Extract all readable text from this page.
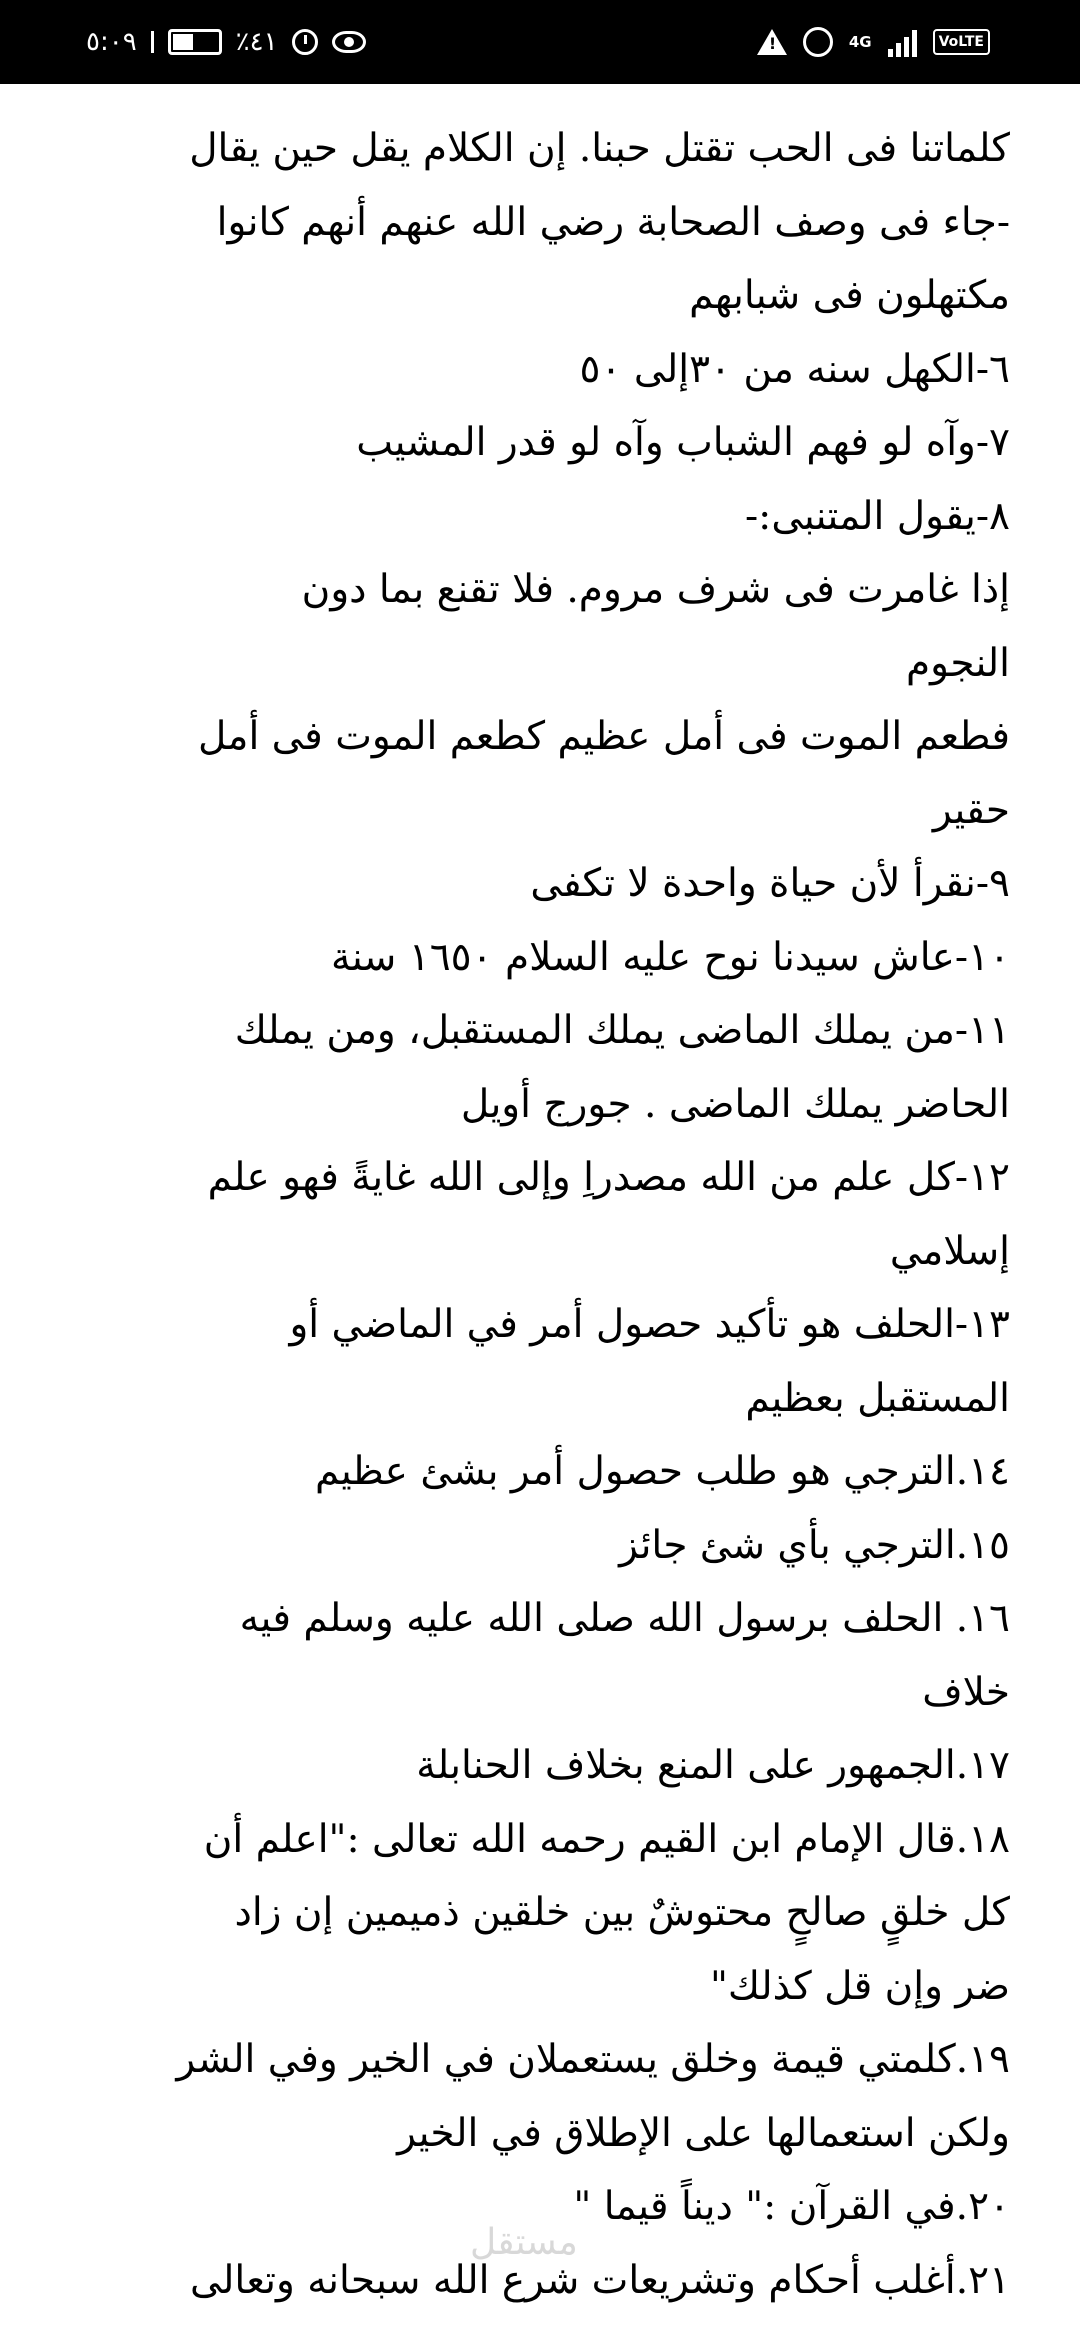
٥:٠٩	٪٤١
!	4G	VoLTE

كلماتنا فى الحب تقتل حبنا. إن الكلام يقل حين يقال

-جاء فى وصف الصحابة رضي الله عنهم أنهم كانوا

مكتهلون فى شبابهم

٦-الكهل سنه من ٣٠إلى ٥٠

٧-وآه لو فهم الشباب وآه لو قدر المشيب

٨-يقول المتنبى:-

إذا غامرت فى شرف مروم. فلا تقنع بما دون

النجوم

فطعم الموت فى أمل عظيم كطعم الموت فى أمل

حقير

٩-نقرأ لأن حياة واحدة لا تكفى

١٠-عاش سيدنا نوح عليه السلام ١٦٥٠ سنة

١١-من يملك الماضى يملك المستقبل، ومن يملك

الحاضر يملك الماضى . جورج أويل

١٢-كل علم من الله مصدراِ وإلى الله غايةً فهو علم

إسلامي

١٣-الحلف هو تأكيد حصول أمر في الماضي أو

المستقبل بعظيم

١٤.الترجي هو طلب حصول أمر بشئ عظيم

١٥.الترجي بأي شئ جائز

١٦. الحلف برسول الله صلى الله عليه وسلم فيه

خلاف

١٧.الجمهور على المنع بخلاف الحنابلة

١٨.قال الإمام ابن القيم رحمه الله تعالى :"اعلم أن

كل خلقٍ صالحٍ محتوشٌ بين خلقين ذميمين إن زاد

ضر وإن قل كذلك"

١٩.كلمتي قيمة وخلق يستعملان في الخير وفي الشر

ولكن استعمالها على الإطلاق في الخير

٢٠.في القرآن :" ديناً قيما "

٢١.أغلب أحكام وتشريعات شرع الله سبحانه وتعالى

مستقل
